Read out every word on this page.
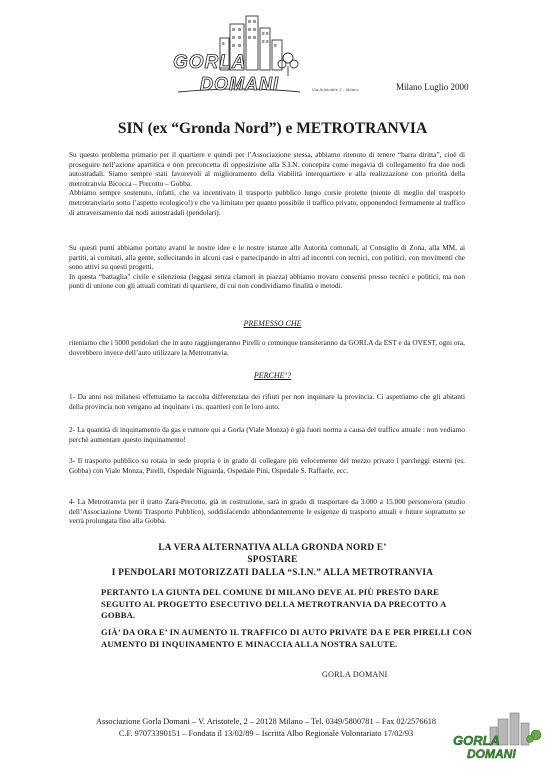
GORLA
DOMANI	Via Aristotele 2 - Milano	Milano Luglio 2000
SIN (ex “Gronda Nord”) e METROTRANVIA

Su questo problema primario per il quartiere e quindi per l’Associazione stessa, abbiamo ritenuto di tenere “barra diritta”, cioè di proseguire nell’azione apartitica e non preconcetta di opposizione alla S.I.N. concepita come megavia di collegamento fra due nodi autostradali. Siamo sempre stati favorevoli al miglioramento della viabilità interquartiere e alla realizzazione con priorità della metrotranvia Bicocca – Precotto – Gobba.

Abbiamo sempre sostenuto, infatti, che va incentivato il trasporto pubblico lungo corsie protette (niente di meglio del trasporto metrotranviario sotto l’aspetto ecologico!) e che va limitato per quanto possibile il traffico privato, opponendoci fermamente al traffico di attraversamento dai nodi autostradali (pendolari).

Su questi punti abbiamo portato avanti le nostre idee e le nostre istanze alle Autorità comunali, al Consiglio di Zona, alla MM, ai partiti, ai comitati, alla gente, sollecitando in alcuni casi e partecipando in altri ad incontri con tecnici, con politici, con movimenti che sono attivi su questi progetti.

In questa “battaglia” civile e silenziosa (leggasi senza clamori in piazza) abbiamo trovato consensi presso tecnici e politici, ma non punti di unione con gli attuali comitati di quartiere, di cui non condividiamo finalità e metodi.

PREMESSO CHE

riteniamo che i 5000 pendolari che in auto raggiungeranno Pirelli o comunque transiteranno da GORLA da EST e da OVEST, ogni ora, dovrebbero invece dell’auto utilizzare la Metrotranvia.

PERCHE’?

1- Da anni noi milanesi effettuiamo la raccolta differenziata dei rifiuti per non inquinare la provincia. Ci aspettiamo che gli abitanti della provincia non vengano ad inquinare i ns. quartieri con le loro auto.

2- La quantità di inquinamento da gas e rumore qui a Gorla (Viale Monza) è già fuori norma a causa del traffico attuale : non vediamo perchè aumentare questo inquinamento!

3- Il trasporto pubblico su rotaia in sede propria è in grado di collegare più velocemente del mezzo privato i parcheggi esterni (es. Gobba) con Viale Monza, Pirelli, Ospedale Niguarda, Ospedale Pini, Ospedale S. Raffaele, ecc.

4- La Metrotranvia per il tratto Zara-Precotto, già in costruzione, sarà in grado di trasportare da 3.000 a 15.000 persone/ora (studio dell’Associazione Utenti Trasporto Pubblico), soddisfacendo abbondantemente le esigenze di trasporto attuali e future soprattutto se verrà prolungata fino alla Gobba.

LA VERA ALTERNATIVA ALLA GRONDA NORD E’

SPOSTARE

I PENDOLARI MOTORIZZATI DALLA “S.I.N.” ALLA METROTRANVIA

PERTANTO LA GIUNTA DEL COMUNE DI MILANO DEVE AL PIÙ PRESTO DARE SEGUITO AL PROGETTO ESECUTIVO DELLA METROTRANVIA DA PRECOTTO A GOBBA.

GIÀ’ DA ORA E’ IN AUMENTO IL TRAFFICO DI AUTO PRIVATE DA E PER PIRELLI CON AUMENTO DI INQUINAMENTO E MINACCIA ALLA NOSTRA SALUTE.

GORLA DOMANI

Associazione Gorla Domani – V. Aristotele, 2 – 20128 Milano – Tel. 0349/5800781 – Fax 02/2576618

C.F. 97073390151 – Fondata il 13/02/89 – Iscritta Albo Regionale Volontariato 17/02/93	GORLA
DOMANI
